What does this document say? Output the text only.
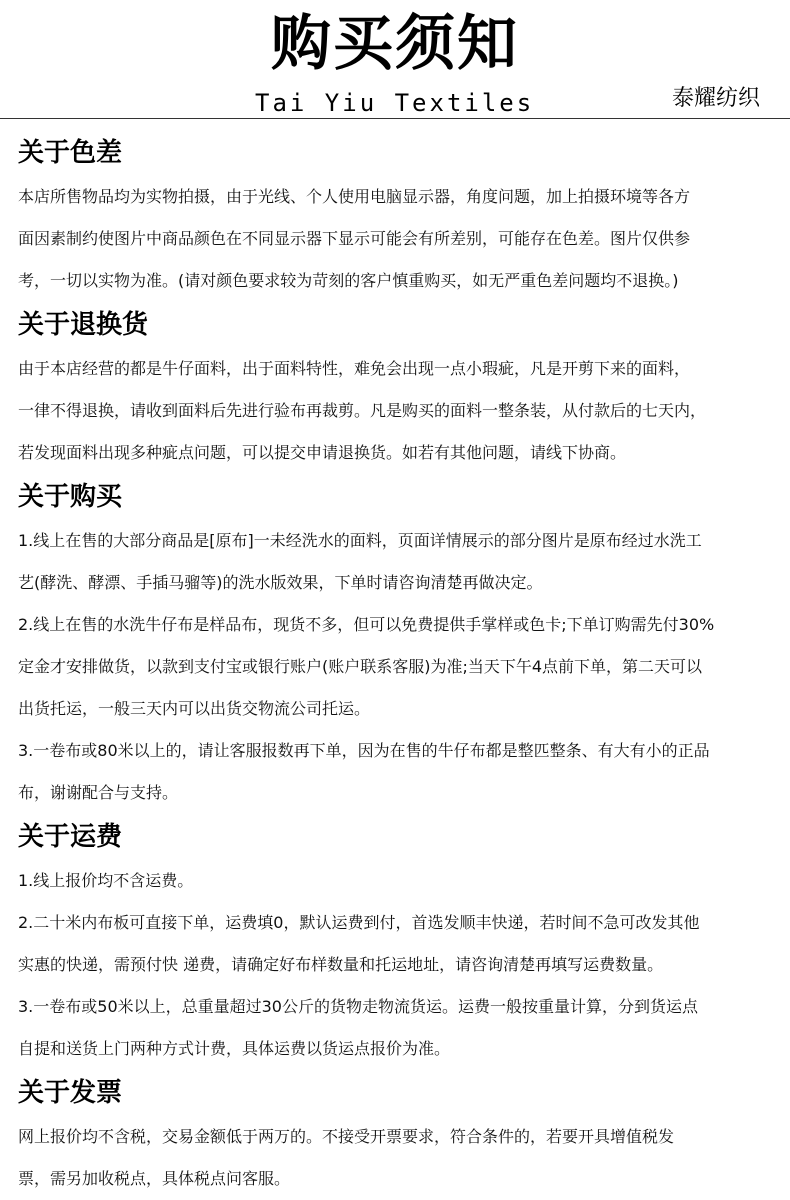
购买须知
Tai Yiu Textiles	泰耀纺织
关于色差

本店所售物品均为实物拍摄，由于光线、个人使用电脑显示器，角度问题，加上拍摄环境等各方

面因素制约使图片中商品颜色在不同显示器下显示可能会有所差别，可能存在色差。图片仅供参

考，一切以实物为准。(请对颜色要求较为苛刻的客户慎重购买，如无严重色差问题均不退换。)

关于退换货

由于本店经营的都是牛仔面料，出于面料特性，难免会出现一点小瑕疵，凡是开剪下来的面料，

一律不得退换，请收到面料后先进行验布再裁剪。凡是购买的面料一整条装，从付款后的七天内，

若发现面料出现多种疵点问题，可以提交申请退换货。如若有其他问题，请线下协商。

关于购买

1.线上在售的大部分商品是[原布]一未经洗水的面料，页面详情展示的部分图片是原布经过水洗工

艺(酵洗、酵漂、手插马骝等)的洗水版效果，下单时请咨询清楚再做决定。

2.线上在售的水洗牛仔布是样品布，现货不多，但可以免费提供手掌样或色卡;下单订购需先付30%

定金才安排做货，以款到支付宝或银行账户(账户联系客服)为准;当天下午4点前下单，第二天可以

出货托运，一般三天内可以出货交物流公司托运。

3.一卷布或80米以上的，请让客服报数再下单，因为在售的牛仔布都是整匹整条、有大有小的正品

布，谢谢配合与支持。

关于运费

1.线上报价均不含运费。

2.二十米内布板可直接下单，运费填0，默认运费到付，首选发顺丰快递，若时间不急可改发其他

实惠的快递，需预付快 递费，请确定好布样数量和托运地址，请咨询清楚再填写运费数量。

3.一卷布或50米以上，总重量超过30公斤的货物走物流货运。运费一般按重量计算，分到货运点

自提和送货上门两种方式计费，具体运费以货运点报价为准。

关于发票

网上报价均不含税，交易金额低于两万的。不接受开票要求，符合条件的，若要开具增值税发

票，需另加收税点，具体税点问客服。
